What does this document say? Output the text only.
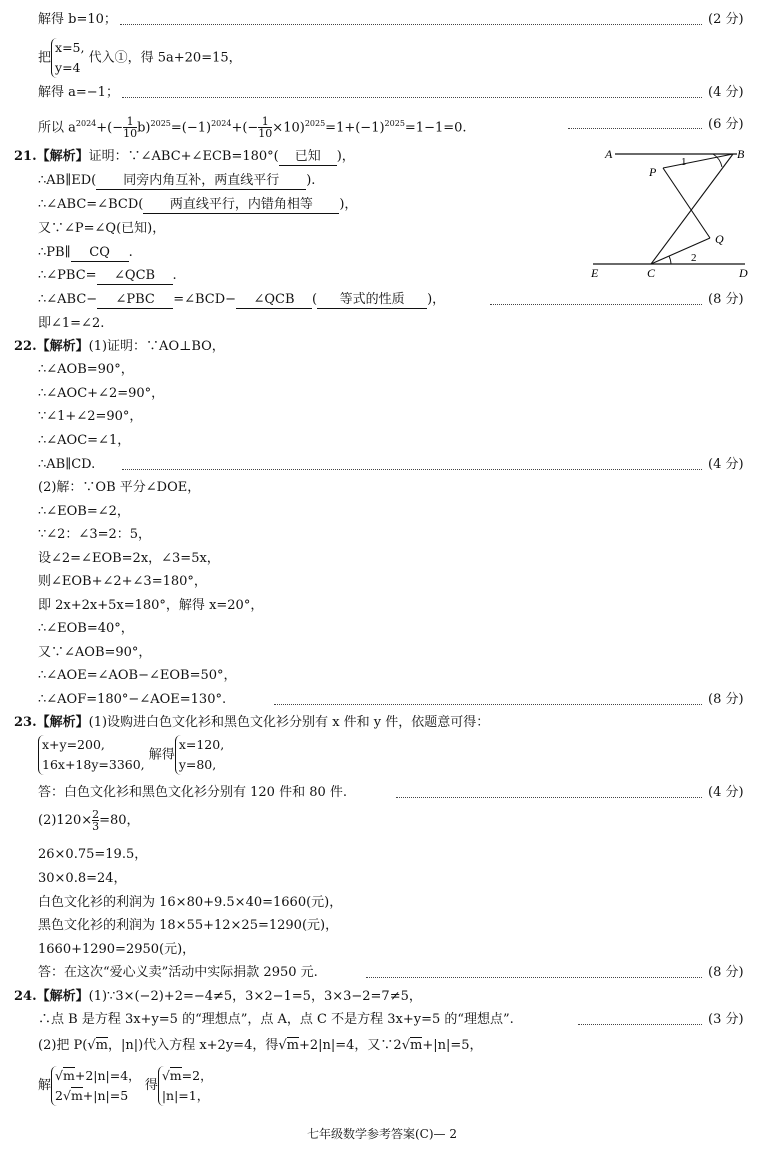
解得 b=10；	(2 分)
把
x=5,
y=4
代入①，得 5a+20=15，
解得 a=−1；	(4 分)
所以 $a^{2024}+(- \frac{1}{10} b)^{2025}=(-1)^{2024}+(- \frac{1}{10} \times 10)^{2025}=1+(-1)^{2025}=1-1=0$.	(6 分)
21.【解析】证明：∵∠ABC+∠ECB=180°( 已知 )，
∴AB∥ED( 同旁内角互补，两直线平行 ).
∴∠ABC=∠BCD( 两直线平行，内错角相等 )，
又∵∠P=∠Q(已知)，
∴PB∥ CQ .
∴∠PBC= ∠QCB .
∴∠ABC− ∠PBC =∠BCD− ∠QCB ( 等式的性质 )，	(8 分)
即∠1=∠2.
A	B
P
Q
E	C	D
1
2
22.【解析】(1)证明：∵AO⊥BO，
∴∠AOB=90°，
∴∠AOC+∠2=90°，
∵∠1+∠2=90°，
∴∠AOC=∠1，
∴AB∥CD.	(4 分)
(2)解：∵OB 平分∠DOE，
∴∠EOB=∠2，
∵∠2：∠3=2：5，
设∠2=∠EOB=2x，∠3=5x，
则∠EOB+∠2+∠3=180°，
即 2x+2x+5x=180°，解得 x=20°，
∴∠EOB=40°，
又∵∠AOB=90°，
∴∠AOE=∠AOB−∠EOB=50°，
∴∠AOF=180°−∠AOE=130°.	(8 分)
23.【解析】(1)设购进白色文化衫和黑色文化衫分别有 x 件和 y 件，依题意可得：
x+y=200,
16x+18y=3360,
解得
x=120,
y=80,
答：白色文化衫和黑色文化衫分别有 120 件和 80 件.	(4 分)
$(2)120\times \frac{2}{3} =80$，
26×0.75=19.5，
30×0.8=24，
白色文化衫的利润为 16×80+9.5×40=1660(元)，
黑色文化衫的利润为 18×55+12×25=1290(元)，
1660+1290=2950(元)，
答：在这次“爱心义卖”活动中实际捐款 2950 元.	(8 分)
24.【解析】(1)∵3×(−2)+2=−4≠5，3×2−1=5，3×3−2=7≠5，
∴点 B 是方程 3x+y=5 的“理想点”，点 A，点 C 不是方程 3x+y=5 的“理想点”.	(3 分)
(2)把 P(√m，|n|)代入方程 x+2y=4，得√m+2|n|=4，又∵2√m+|n|=5，
解
√m+2|n|=4，
2√m+|n|=5
得
√m=2，
|n|=1，
七年级数学参考答案(C)— 2
